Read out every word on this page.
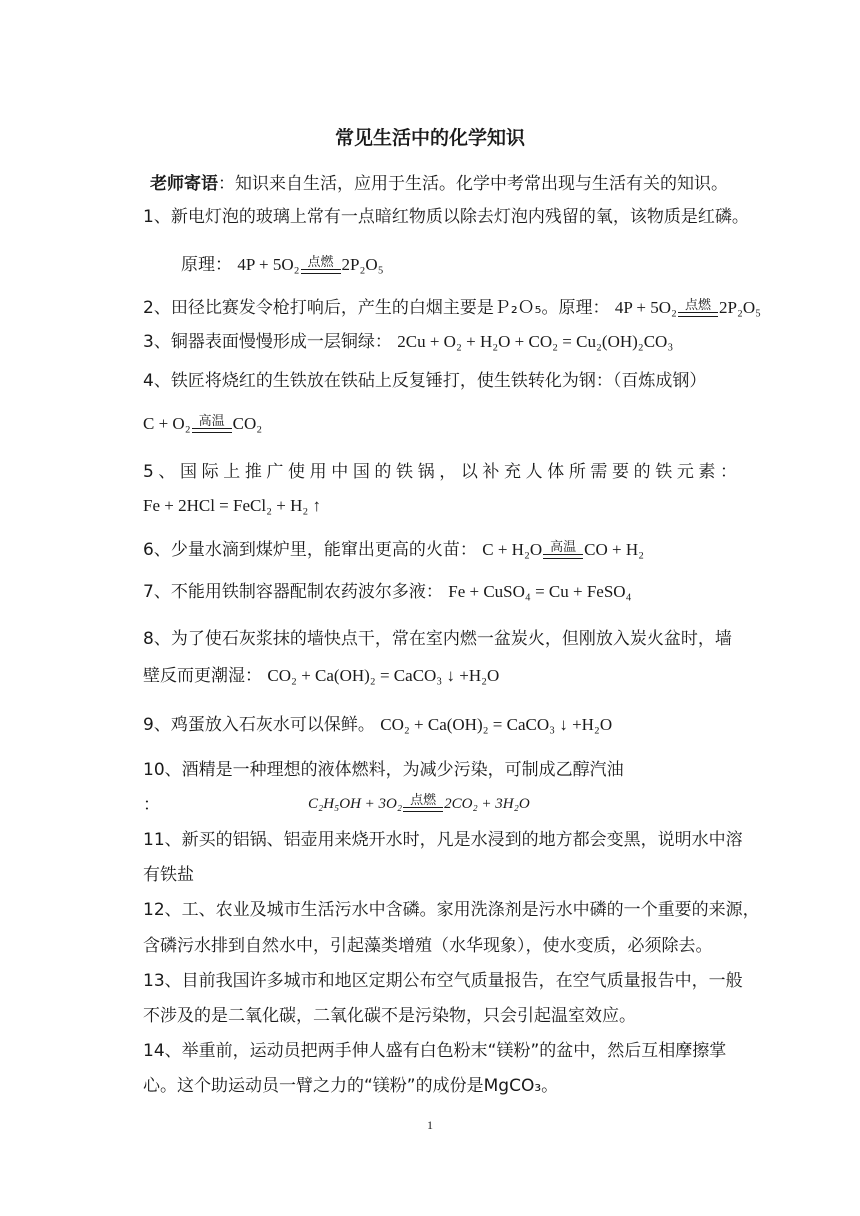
常见生活中的化学知识
老师寄语：知识来自生活，应用于生活。化学中考常出现与生活有关的知识。
1、新电灯泡的玻璃上常有一点暗红物质以除去灯泡内残留的氧，该物质是红磷。
原理： 4P + 5O₂ 点燃 2P₂O₅
2、田径比赛发令枪打响后，产生的白烟主要是Ｐ₂Ｏ₅。原理： 4P + 5O₂ 点燃 2P₂O₅
3、铜器表面慢慢形成一层铜绿： 2Cu + O₂ + H₂O + CO₂ = Cu₂(OH)₂CO₃
4、铁匠将烧红的生铁放在铁砧上反复锤打，使生铁转化为钢：（百炼成钢）
C + O₂ 高温 CO₂
5、国际上推广使用中国的铁锅，以补充人体所需要的铁元素：
Fe + 2HCl = FeCl₂ + H₂ ↑
6、少量水滴到煤炉里，能窜出更高的火苗： C + H₂O 高温 CO + H₂
7、不能用铁制容器配制农药波尔多液： Fe + CuSO₄ = Cu + FeSO₄
8、为了使石灰浆抹的墙快点干，常在室内燃一盆炭火，但刚放入炭火盆时，墙
壁反而更潮湿： CO₂ + Ca(OH)₂ = CaCO₃ ↓ +H₂O
9、鸡蛋放入石灰水可以保鲜。 CO₂ + Ca(OH)₂ = CaCO₃ ↓ +H₂O
10、酒精是一种理想的液体燃料，为减少污染，可制成乙醇汽油
：	C₂H₅OH + 3O₂ 点燃 2CO₂ + 3H₂O
11、新买的铝锅、铝壶用来烧开水时，凡是水浸到的地方都会变黑，说明水中溶
有铁盐
12、工、农业及城市生活污水中含磷。家用洗涤剂是污水中磷的一个重要的来源，
含磷污水排到自然水中，引起藻类增殖（水华现象），使水变质，必须除去。
13、目前我国许多城市和地区定期公布空气质量报告，在空气质量报告中，一般
不涉及的是二氧化碳，二氧化碳不是污染物，只会引起温室效应。
14、举重前，运动员把两手伸人盛有白色粉末“镁粉”的盆中，然后互相摩擦掌
心。这个助运动员一臂之力的“镁粉”的成份是MgCO₃。
1
